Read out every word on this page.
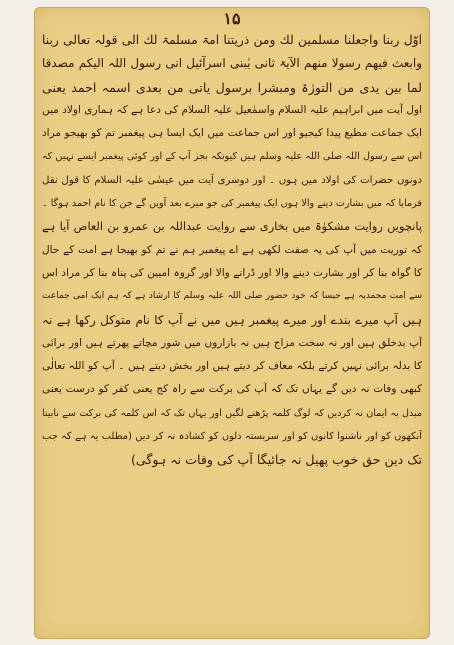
۱۵
اوّل ربنا واجعلنا مسلمين لك ومن ذريتنا امۃ مسلمۃ لك الی قولہ تعالی ربنا
وابعث فیھم رسولا منھم الآیۃ ثانی یٰبنی اسرآئیل انی رسول اللہ الیکم مصدقا
لما بین یدی من التورٰۃ ومبشرا برسول یاتی من بعدی اسمہ احمد یعنی
اول آیت میں ابراہیم علیہ السلام واسمٰعیل علیہ السلام کی دعا ہے کہ ہماری اولاد میں
ایک جماعت مطیع پیدا کیجیو اور اس جماعت میں ایک ایسا ہی پیغمبر تم کو بھیجو مراد
اس سے رسول اللہ صلی اللہ علیہ وسلم ہیں کیونکہ بجز آپ کے اور کوئی پیغمبر ایسے نہیں کہ
دونوں حضرات کی اولاد میں ہوں ۔ اور دوسری آیت میں عیسٰی علیہ السلام کا قول نقل
فرمایا کہ میں بشارت دینے والا ہوں ایک پیغمبر کی جو میرے بعد آویں گے جن کا نام احمد ہوگا ۔
پانچویں روایت مشکوٰۃ میں بخاری سے روایت عبداللہ بن عمرو بن العاص آیا ہے
کہ توریت میں آپ کی یہ صفت لکھی ہے اے پیغمبر ہم نے تم کو بھیجا ہے امت کے حال
کا گواہ بنا کر اور بشارت دینے والا اور ڈرانے والا اور گروہ امیین کی پناہ بنا کر مراد اس
سے امت محمدیہ ہے جیسا کہ خود حضور صلی اللہ علیہ وسلم کا ارشاد ہے کہ ہم ایک امی جماعت
ہیں آپ میرے بندے اور میرے پیغمبر ہیں میں نے آپ کا نام متوکل رکھا ہے نہ
آپ بدخلق ہیں اور نہ سخت مزاج ہیں نہ بازاروں میں شور مچاتے پھرتے ہیں اور برائی
کا بدلہ برائی نہیں کرتے بلکہ معاف کر دیتے ہیں اور بخش دیتے ہیں ۔ آپ کو اللہ تعالٰی
کبھی وفات نہ دیں گے یہاں تک کہ آپ کی برکت سے راہ کج یعنی کفر کو درست یعنی
مبدل بہ ایمان نہ کردیں کہ لوگ کلمہ پڑھنے لگیں اور یہاں تک کہ اس کلمہ کی برکت سے نابینا
آنکھوں کو اور ناشنوا کانوں کو اور سربستہ دلوں کو کشادہ نہ کر دیں (مطلب یہ ہے کہ جب
تک دین حق خوب پھیل نہ جائیگا آپ کی وفات نہ ہوگی)
